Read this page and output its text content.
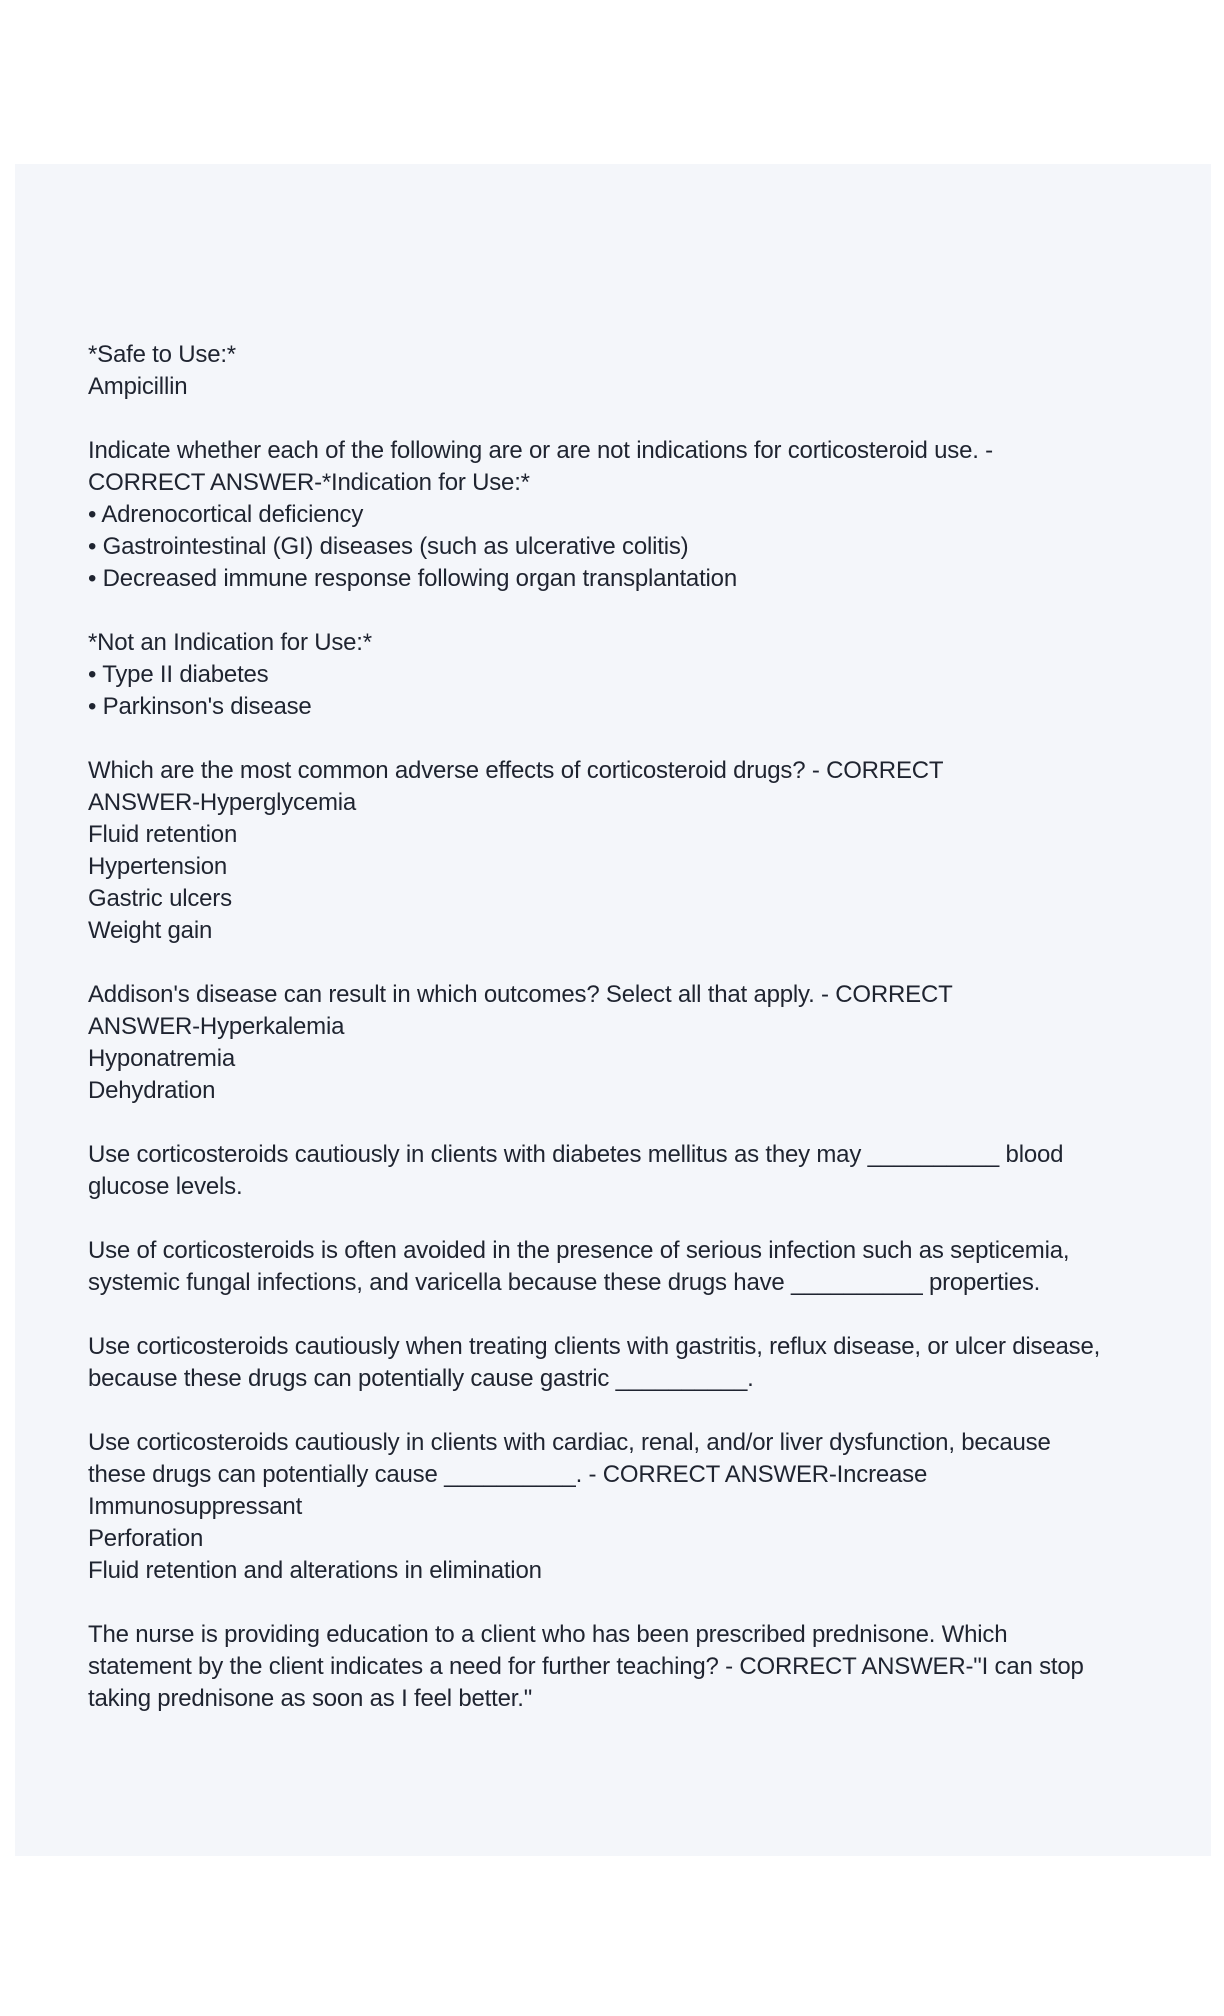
*Safe to Use:*
Ampicillin
Indicate whether each of the following are or are not indications for corticosteroid use. -
CORRECT ANSWER-*Indication for Use:*
• Adrenocortical deficiency
• Gastrointestinal (GI) diseases (such as ulcerative colitis)
• Decreased immune response following organ transplantation
*Not an Indication for Use:*
• Type II diabetes
• Parkinson's disease
Which are the most common adverse effects of corticosteroid drugs? - CORRECT
ANSWER-Hyperglycemia
Fluid retention
Hypertension
Gastric ulcers
Weight gain
Addison's disease can result in which outcomes? Select all that apply. - CORRECT
ANSWER-Hyperkalemia
Hyponatremia
Dehydration
Use corticosteroids cautiously in clients with diabetes mellitus as they may __________ blood
glucose levels.
Use of corticosteroids is often avoided in the presence of serious infection such as septicemia,
systemic fungal infections, and varicella because these drugs have __________ properties.
Use corticosteroids cautiously when treating clients with gastritis, reflux disease, or ulcer disease,
because these drugs can potentially cause gastric __________.
Use corticosteroids cautiously in clients with cardiac, renal, and/or liver dysfunction, because
these drugs can potentially cause __________. - CORRECT ANSWER-Increase
Immunosuppressant
Perforation
Fluid retention and alterations in elimination
The nurse is providing education to a client who has been prescribed prednisone. Which
statement by the client indicates a need for further teaching? - CORRECT ANSWER-"I can stop
taking prednisone as soon as I feel better."
